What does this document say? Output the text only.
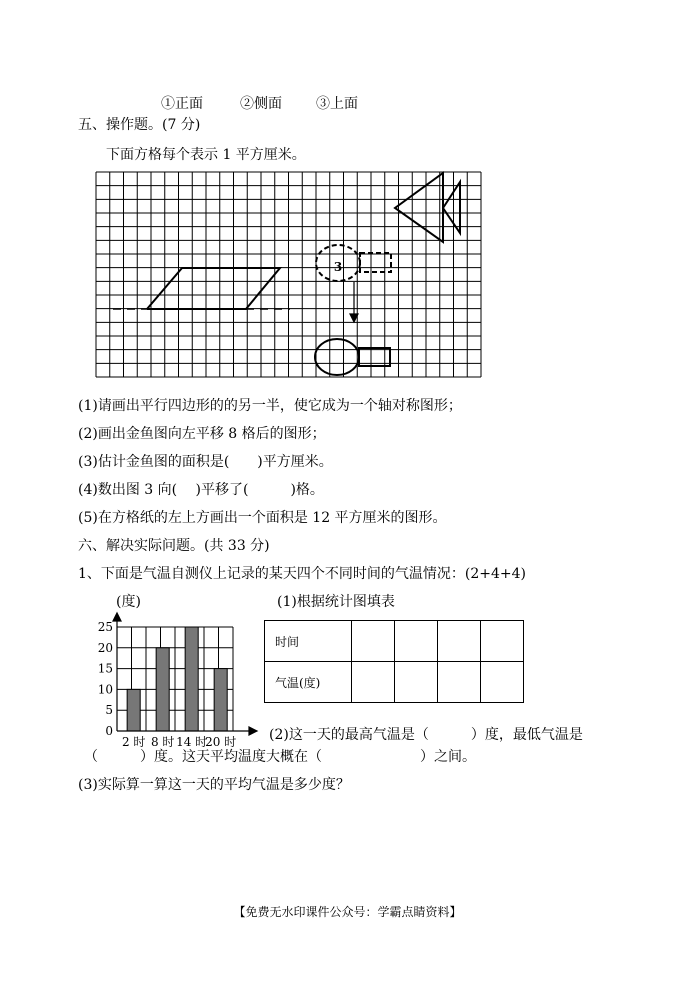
①正面	②侧面 ③上面
五、操作题。(7 分)
下面方格每个表示 1 平方厘米。
3
(1)请画出平行四边形的的另一半，使它成为一个轴对称图形；
(2)画出金鱼图向左平移 8 格后的图形；
(3)估计金鱼图的面积是(　　)平方厘米。
(4)数出图 3 向(　 )平移了(　　　)格。
(5)在方格纸的左上方画出一个面积是 12 平方厘米的图形。
六、解决实际问题。(共 33 分)
1、下面是气温自测仪上记录的某天四个不同时间的气温情况：(2+4+4)
(度)
0
5
10
15
20
25
2 时 8 时 14 时
20 时
(1)根据统计图填表
时间				
气温(度)				
(2)这一天的最高气温是（　　　）度，最低气温是
（　　　）度。这天平均温度大概在（　　　　　　　）之间。
(3)实际算一算这一天的平均气温是多少度？
【免费无水印课件公众号：学霸点睛资料】
